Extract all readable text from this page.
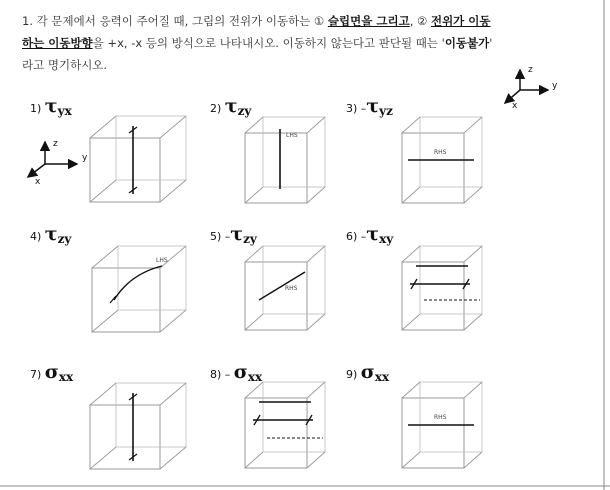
1. 각 문제에서 응력이 주어질 때, 그림의 전위가 이동하는 ① 슬립면을 그리고, ② 전위가 이동
하는 이동방향을 +x, -x 등의 방식으로 나타내시오. 이동하지 않는다고 판단될 때는 '이동불가'
라고 명기하시오.	z
y
x
z
y
x
1) τyx	2) τzy	3) –τyz
4) τzy	5) –τzy	6) –τxy
7) σxx	8) – σxx	9) σxx
LHS
RHS
LHS
RHS
RHS
